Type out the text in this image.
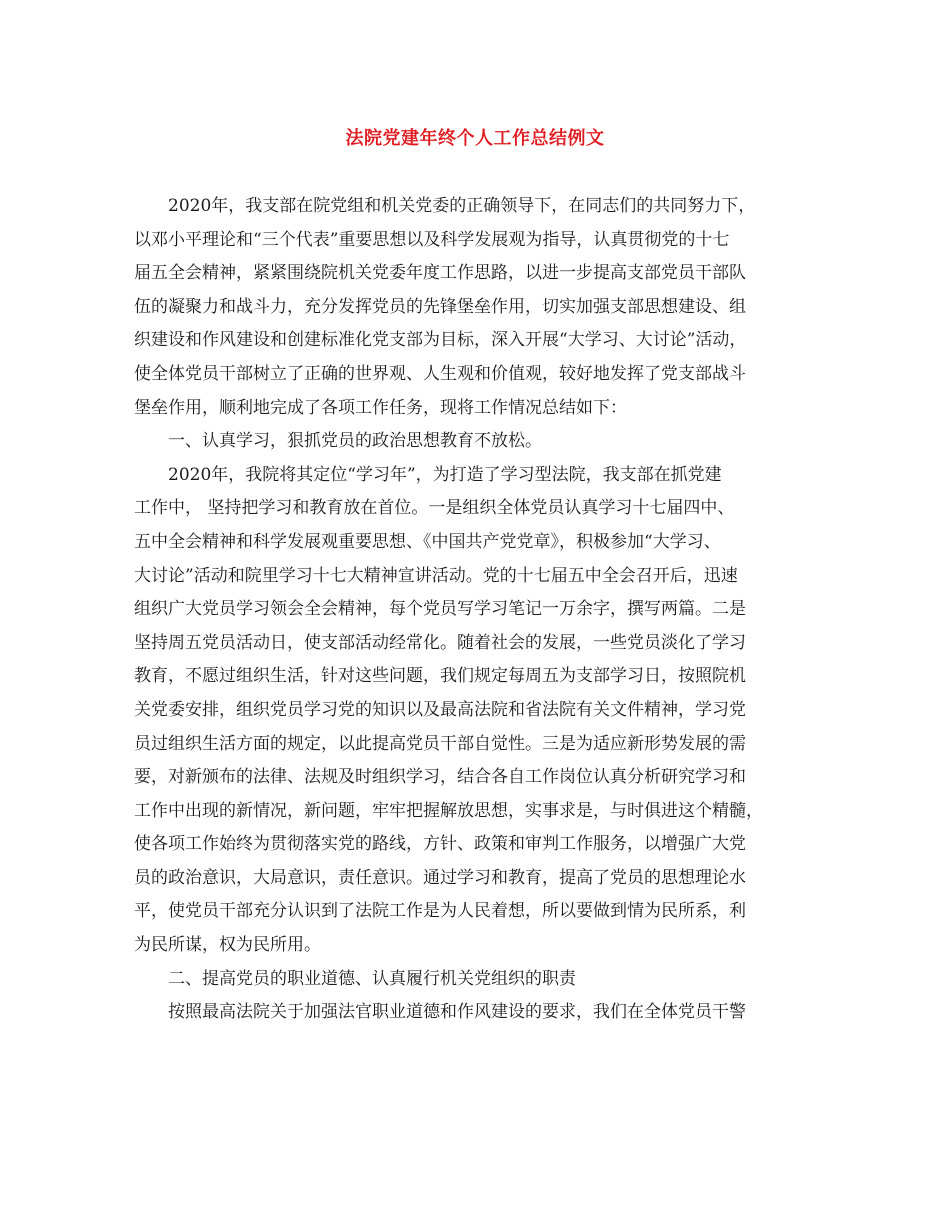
法院党建年终个人工作总结例文
2020年，我支部在院党组和机关党委的正确领导下，在同志们的共同努力下，
以邓小平理论和“三个代表”重要思想以及科学发展观为指导，认真贯彻党的十七
届五全会精神，紧紧围绕院机关党委年度工作思路，以进一步提高支部党员干部队
伍的凝聚力和战斗力，充分发挥党员的先锋堡垒作用，切实加强支部思想建设、组
织建设和作风建设和创建标准化党支部为目标，深入开展“大学习、大讨论”活动，
使全体党员干部树立了正确的世界观、人生观和价值观，较好地发挥了党支部战斗
堡垒作用，顺利地完成了各项工作任务，现将工作情况总结如下：
一、认真学习，狠抓党员的政治思想教育不放松。
2020年，我院将其定位“学习年”，为打造了学习型法院，我支部在抓党建
工作中， 坚持把学习和教育放在首位。一是组织全体党员认真学习十七届四中、
五中全会精神和科学发展观重要思想、《中国共产党党章》，积极参加“大学习、
大讨论”活动和院里学习十七大精神宣讲活动。党的十七届五中全会召开后，迅速
组织广大党员学习领会全会精神，每个党员写学习笔记一万余字，撰写两篇。二是
坚持周五党员活动日，使支部活动经常化。随着社会的发展，一些党员淡化了学习
教育，不愿过组织生活，针对这些问题，我们规定每周五为支部学习日，按照院机
关党委安排，组织党员学习党的知识以及最高法院和省法院有关文件精神，学习党
员过组织生活方面的规定，以此提高党员干部自觉性。三是为适应新形势发展的需
要，对新颁布的法律、法规及时组织学习，结合各自工作岗位认真分析研究学习和
工作中出现的新情况，新问题，牢牢把握解放思想，实事求是，与时俱进这个精髓，
使各项工作始终为贯彻落实党的路线，方针、政策和审判工作服务，以增强广大党
员的政治意识，大局意识，责任意识。通过学习和教育，提高了党员的思想理论水
平，使党员干部充分认识到了法院工作是为人民着想，所以要做到情为民所系，利
为民所谋，权为民所用。
二、提高党员的职业道德、认真履行机关党组织的职责
按照最高法院关于加强法官职业道德和作风建设的要求，我们在全体党员干警
